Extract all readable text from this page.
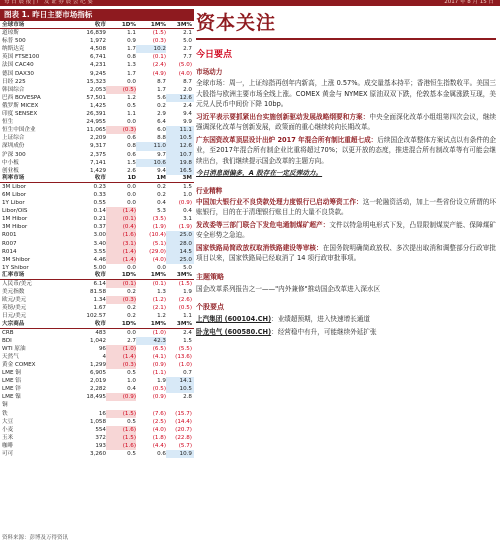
每 日 晨 报 | 广 发 证 券 晨 会 纪 要	2017 年 8 月 15 日
图表 1. 昨日主要市场指标
全球市场	收市	1D%	1M%	3M%
道琼斯	16,839	1.1	(1.5)	2.1
标普 500	1,972	0.9	(0.3)	5.0
纳斯达克	4,508	1.7	10.2	2.7
英国 FTSE100	6,741	0.8	(0.1)	7.7
法国 CAC40	4,231	1.3	(2.4)	(5.0)
德国 DAX30	9,245	1.7	(4.9)	(4.0)
日经 225	15,323	0.0	8.7	8.7
韩国综合	2,053	(0.5)	1.7	2.0
巴西 BOVESPA	57,501	1.2	5.6	12.6
俄罗斯 MICEX	1,425	0.5	0.2	2.4
印度 SENSEX	26,391	1.1	2.9	9.4
恒生	24,955	0.0	6.4	9.9
恒生中国企业	11,065	(0.3)	6.0	11.1
上证综合	2,209	0.6	8.8	10.5
深圳成份	9,317	0.8	11.0	12.6
沪深 300	2,375	0.6	9.7	10.7
中小板	7,141	1.5	10.6	19.8
创业板	1,429	2.6	9.4	16.5
利率市场	收市	1D	1M	3M
3M Libor	0.23	0.0	0.2	1.5
6M Libor	0.33	0.0	0.2	1.0
1Y Libor	0.55	0.0	0.4	(0.9)
Libor/OIS	0.14	(1.4)	5.3	0.4
1M Hibor	0.21	(0.1)	(3.5)	3.1
3M Hibor	0.37	(0.4)	(1.9)	(1.9)
R001	3.00	(1.6)	(10.4)	25.0
R007	3.40	(3.1)	(5.1)	28.0
R014	3.55	(1.4)	(29.0)	14.5
3M Shibor	4.46	(1.4)	(4.0)	25.0
1Y Shibor	5.00	0.0	0.0	5.0
汇率市场	收市	1D%	1M%	3M%
人民币/美元	6.14	(0.1)	(0.1)	(1.5)
美元指数	81.58	0.2	1.3	1.9
欧元/美元	1.34	(0.3)	(1.2)	(2.6)
英镑/美元	1.67	0.2	(2.1)	(0.5)
日元/美元	102.57	0.2	1.2	1.1
大宗商品	收市	1D%	1M%	3M%
CRB	483	0.0	(1.0)	2.4
BDI	1,042	2.7	42.3	1.5
WTI 原油	96	(1.0)	(6.5)	(5.5)
天然气	4	(1.4)	(4.1)	(13.6)
黄金 COMEX	1,299	(0.3)	(0.9)	(1.0)
LME 铜	6,905	0.5	(1.1)	0.7
LME 铝	2,019	1.0	1.9	14.1
LME 锌	2,282	0.4	(0.5)	10.5
LME 镍	18,495	(0.9)	(0.9)	2.8
铜
铁	16	(1.5)	(7.6)	(15.7)
大豆	1,058	0.5	(2.5)	(14.4)
小麦	554	(1.6)	(4.0)	(20.7)
玉米	372	(1.5)	(1.8)	(22.8)
咖啡	193	(1.6)	(4.4)	(5.7)
可可	3,260	0.5	0.6	10.9
资料来源：彭博及万得资讯
资本关注
今日要点
市场动力
全球市场：周一，上证综指再创年内新高，上涨 0.57%。成交量基本持平；香港恒生指数收平。美国三大股指与欧洲主要市场全线上涨。COMEX 黄金与 NYMEX 原油双双下跌，伦敦基本金属涨跌互现，美元兑人民币中间价下降 10bp。
习近平表示要抓紧出台实施创新驱动发展战略纲要和方案：中央全面深化改革小组组第四次会议，继续强调深化改革与创新发展，政策面的重心继续转向长期改革。
广东国资改革顶层设计出炉 2017 年混合所有制比重超七成：后续国企改革整体方案试点以有条件的企业，至2017年混合所有制企业比重将超过70%；以更开放的态度，推进混合所有制改革等有可能会继续出台，我们继续提示国企改革的主题方向。
今日消息面偏多，A 股存在一定反弹动力。
行业精粹
中国加大银行业不良贷款处理力度银行已启动筹资工作：这一轮融资活动，加上一些省份设立所谓的坏账银行，目的在于清理银行账目上的大量不良贷款。
发改委等三部门联合下发危电通制煤矿超产：文件以特急明电形式下发，凸显限制煤炭产能、保障煤矿安全形势之急迫。
国家铁路局简政放权取消铁路建设等审核：在国务院明确简政放权、多次提出取消和调整部分行政审批项目以来，国家铁路局已经取消了 14 项行政审批事项。
主题策略
国企改革系列报告之一——"内外兼修"推动国企改革进入深水区
个股要点
上汽集团 (600104.CH)：业绩超预期，进入快速增长通道
卧龙电气 (600580.CH)：经营稳中有升，可能继续外延扩张
